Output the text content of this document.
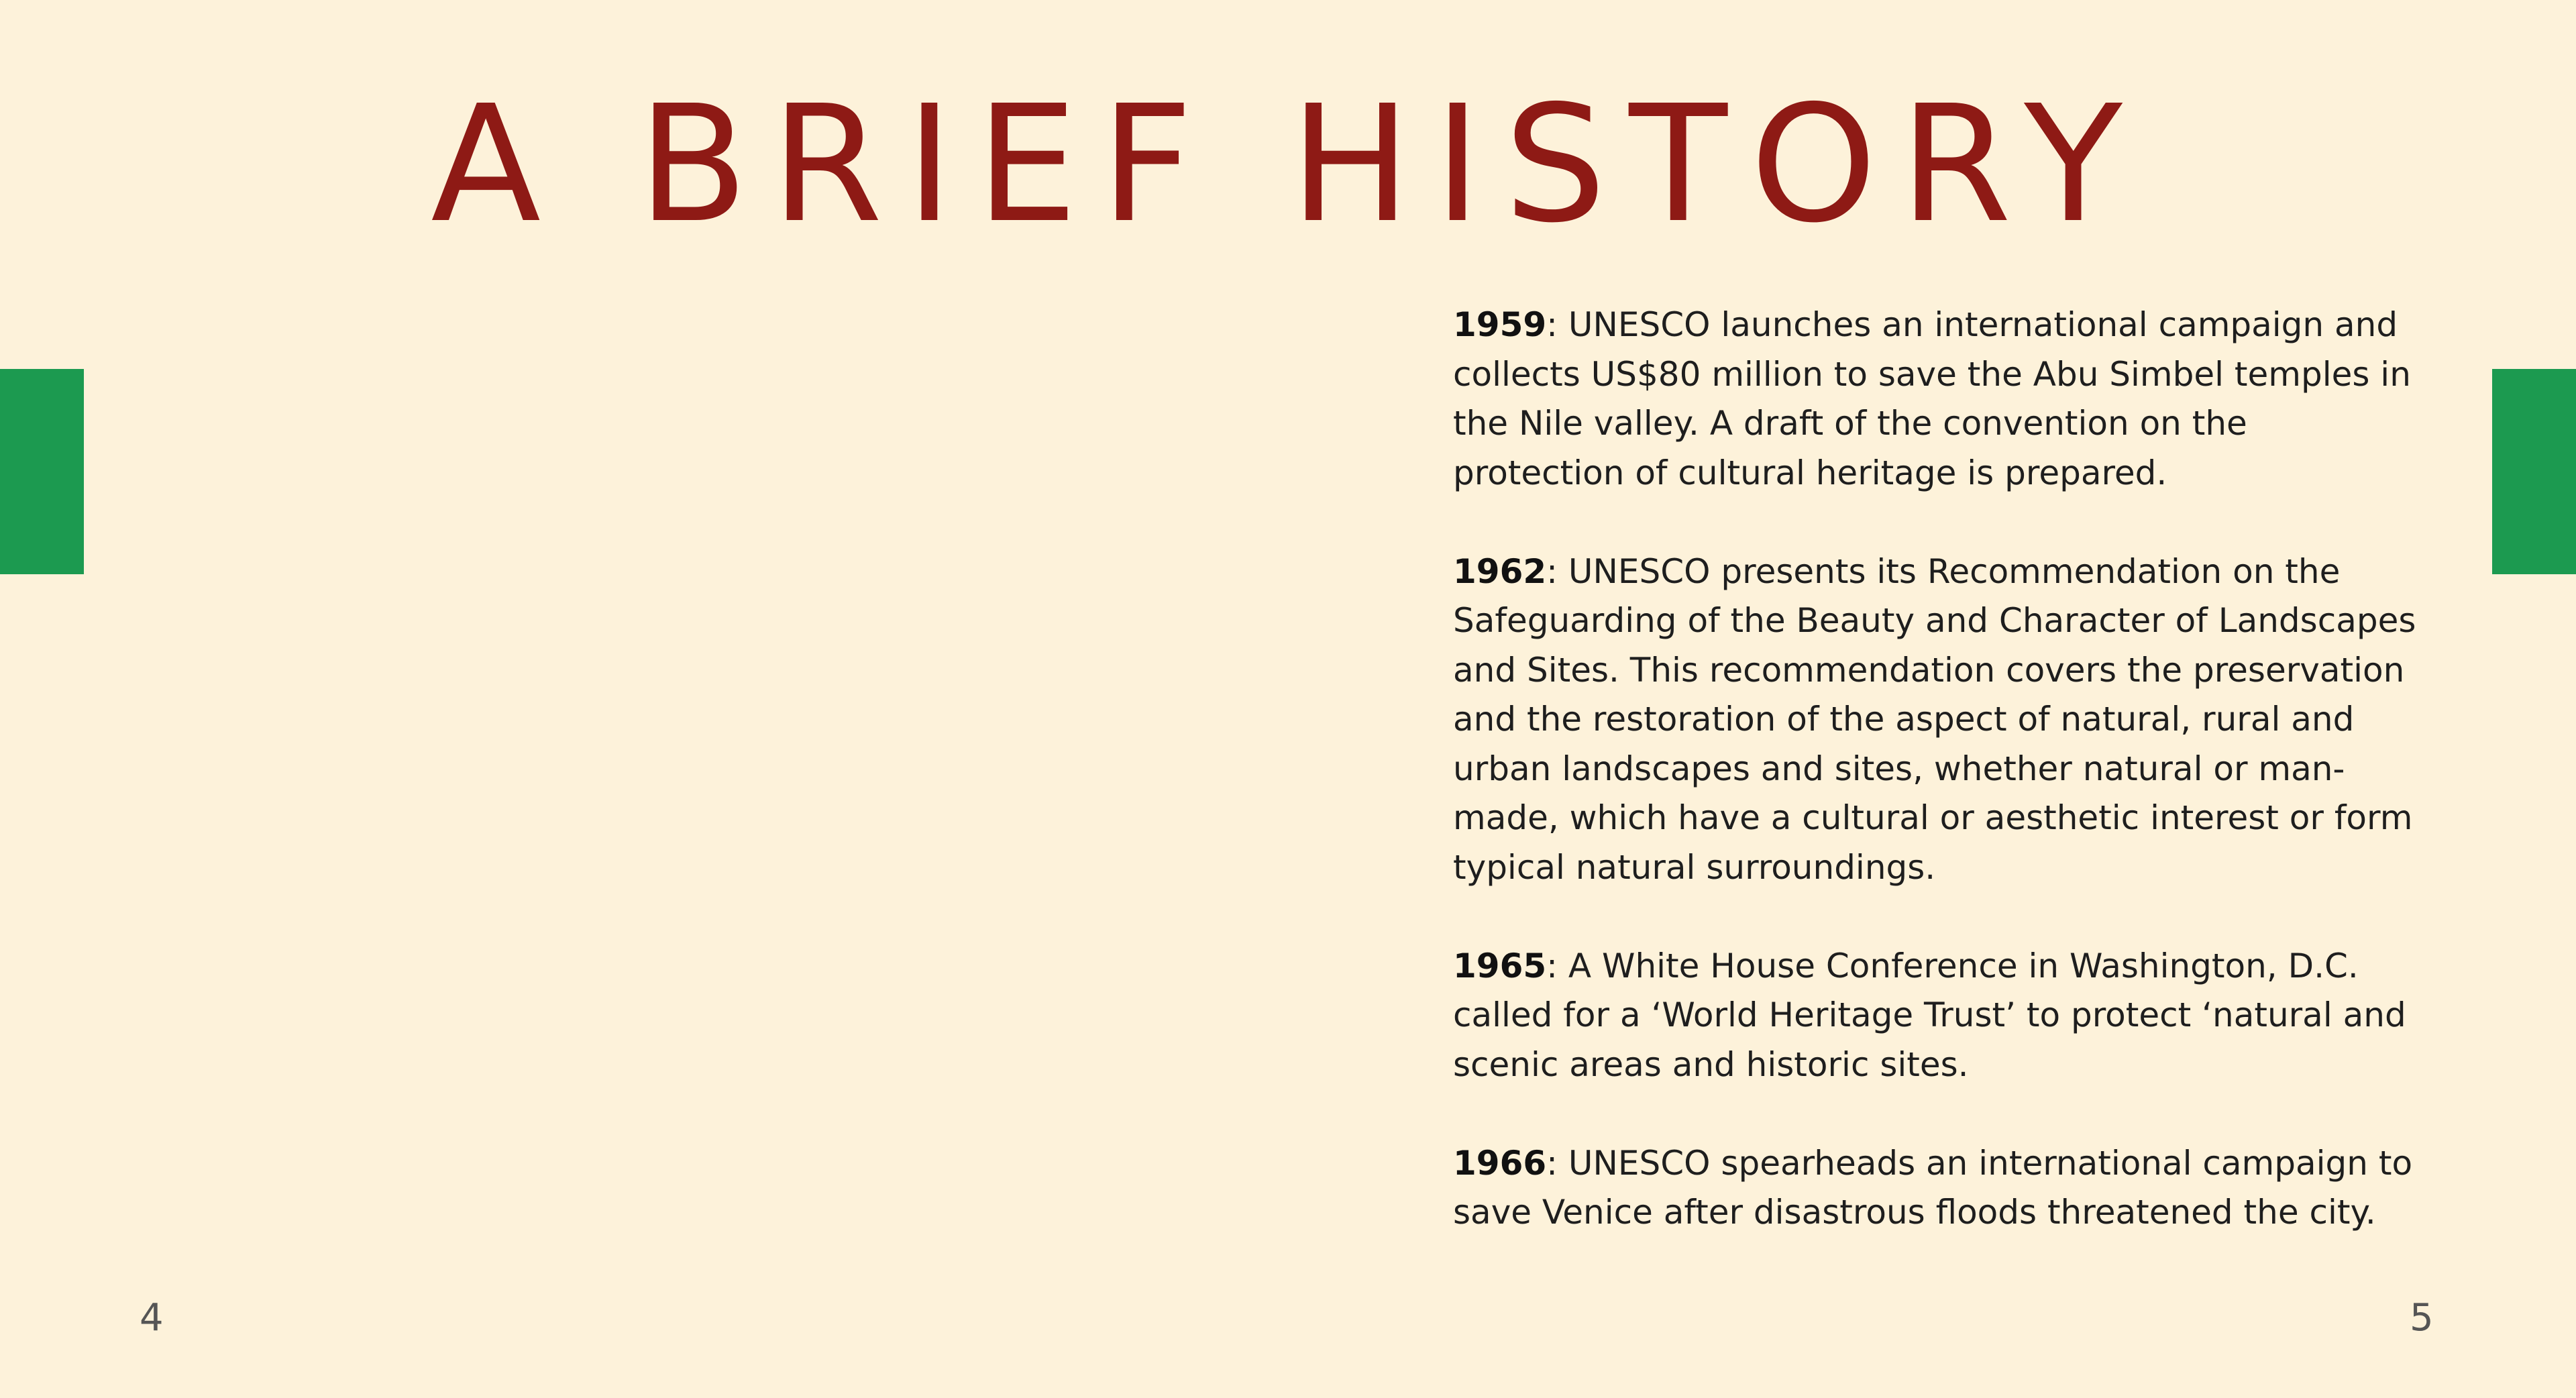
A BRIEF HISTORY

1959: UNESCO launches an international campaign and collects US$80 million to save the Abu Simbel temples in the Nile valley. A draft of the convention on the protection of cultural heritage is prepared.

1962: UNESCO presents its Recommendation on the Safeguarding of the Beauty and Character of Landscapes and Sites. This recommendation covers the preservation and the restoration of the aspect of natural, rural and urban landscapes and sites, whether natural or man-made, which have a cultural or aesthetic interest or form typical natural surroundings.

1965: A White House Conference in Washington, D.C. called for a ‘World Heritage Trust’ to protect ‘natural and scenic areas and historic sites.

1966: UNESCO spearheads an international campaign to save Venice after disastrous floods threatened the city.

4	5
